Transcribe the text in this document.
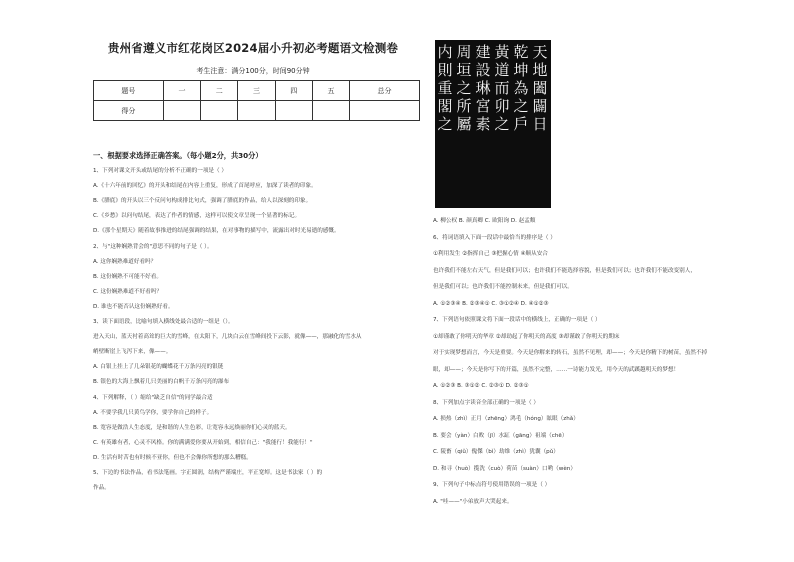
贵州省遵义市红花岗区2024届小升初必考题语文检测卷
考生注意：满分100分，时间90分钟
题号	一	二	三	四	五	总分
得分						
一、根据要求选择正确答案。（每小题2分，共30分）
1、下列对课文开头或结尾的分析不正确的一项是（ ）
A.《十六年前的回忆》的开头和结尾在内容上重复，形成了首尾呼应，加深了读者的印象。
B.《腊底》的开头以三个反问句构成排比句式，强调了腊底的作品，给人以深刻的印象。
C.《乡愁》以问句结尾，表达了作者的情感，这样可以使文章呈现一个显著的标记。
D.《那个星期天》随着故事推进的结尾强调的结果，在对事物的描写中，流露出对时光易逝的感慨。
2、与"这种娴熟背会的"意思不同的句子是（ ）。
A. 这你娴熟难道好看吗？
B. 这份娴熟不可能不好看。
C. 这份娴熟难道不好看吗？
D. 谁也不能否认这份娴熟好看。
3、读下面语段，比喻句填入横线处最合适的一组是（）。
进入天山，蓝天衬着高耸的巨大的雪峰，在太阳下，几块白云在雪峰间投下云影，就像——，那融化的雪水从
峭壁断崖上飞泻下来，像——。
A. 白银上挂上了几朵银花的蝴蝶花千万条闪亮的银链
B. 银色的大海上飘着几只美丽的白帆千万条闪亮的瀑布
4、下列解释，（ ）缩给"缺乏自信"的同学最合适
A. 不要学我几只黄鸟学你，要学你自己的样子。
B. 宽容是做浩人生态度，是和谐的人生色彩，让宽容永远焕丽你们心灵的蓝天。
C. 有英雄有者，心灵不风格。你的满满爱你要从开始到，相信自己："我能行！我能行！"
D. 生活有时苦也有时候不亚你，但也不会像你所想的那么糟糕。
5、下边的书法作品，看书法笔画。字正圆润，结构严谨端庄，平正宽绰。这是书法家（ ）的
作品。
天
地
闔
闢
日
乾
坤
為
之
戶
黃
道
而
卯
之
建
設
琳
宮
素
周
垣
之
所
屬
内
則
重
閣
之
A. 柳公权 B. 颜真卿 C. 欧阳询 D. 赵孟頫
6、将词语填入下面一段话中最恰当的排序是（ ）
①利用发生 ②指挥自己 ③把握心情 ④顺从安合
也许我们不能左右天气，但是我们可以；也许我们不能选择容貌，但是我们可以；也许我们不能改变别人，
但是我们可以；也许我们不能控制未来，但是我们可以。
A. ①②③④ B. ②③④① C. ③①②④ D. ④①②③
7、下列语句依照课文将下面一段话中的横线上，正确的一项是（ ）
①却谨敢了你明天的华章 ②却劫起了你明天的高度 ③却谨敢了你明天的期床
对于实现梦想而言，今天是重要。今天是你解来的转石，虽然不见理，却——；今天是你精下的树苗，虽然不掉
眼，却——；今天是你写下的开篇，虽然不完整，……一诗能力发光，用今天的武蹊越明天的梦想！
A. ①②③ B. ③①② C. ②③① D. ②③①
8、下列加点字读音全部正确的一项是（ ）
A. 损热（zhì）正月（zhēng）鸿毛（hóng）眩眼（zhǎ）
B. 要会（yàn）白败（jī）水缸（gāng）祖端（chē）
C. 陵畜（qiǔ）傀傑（bì）劫维（zhì）犹囊（pǔ）
D. 和寻（huò）揽洗（cuò）荷苗（suàn）口哟（wèn）
9、下列句子中标点符号使用错误的一项是（ ）
A. "哇——"小弟放声大哭起来。
